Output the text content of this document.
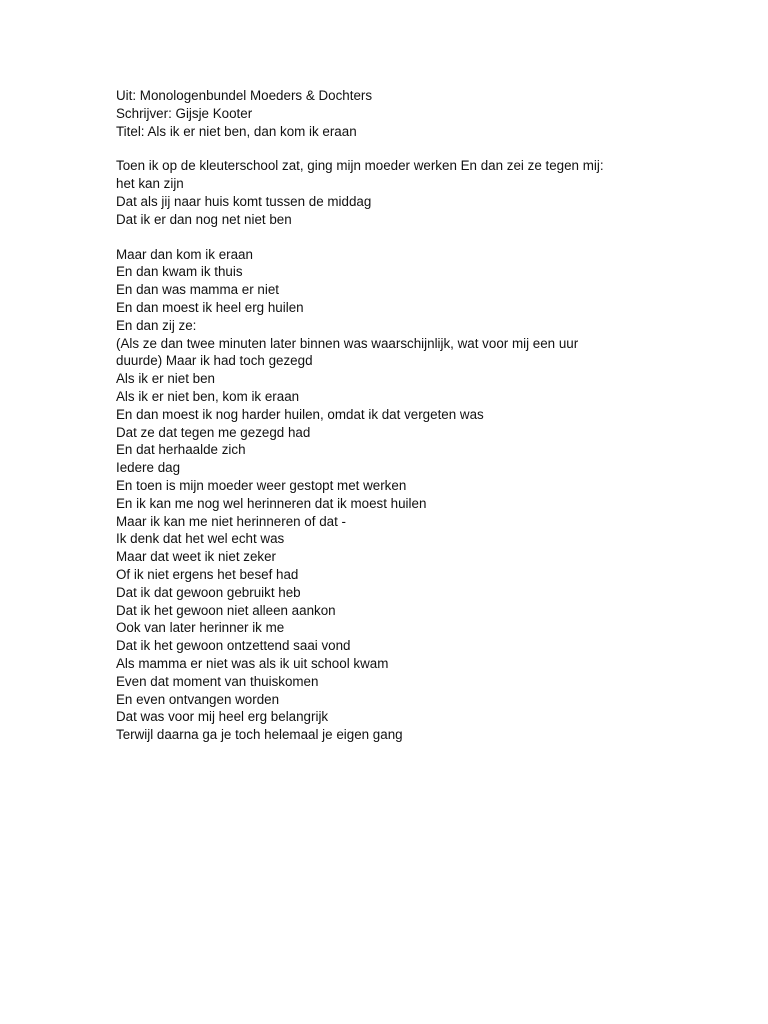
Uit: Monologenbundel Moeders & Dochters
Schrijver: Gijsje Kooter
Titel: Als ik er niet ben, dan kom ik eraan
Toen ik op de kleuterschool zat, ging mijn moeder werken En dan zei ze tegen mij:
het kan zijn
Dat als jij naar huis komt tussen de middag
Dat ik er dan nog net niet ben
Maar dan kom ik eraan
En dan kwam ik thuis
En dan was mamma er niet
En dan moest ik heel erg huilen
En dan zij ze:
(Als ze dan twee minuten later binnen was waarschijnlijk, wat voor mij een uur
duurde) Maar ik had toch gezegd
Als ik er niet ben
Als ik er niet ben, kom ik eraan
En dan moest ik nog harder huilen, omdat ik dat vergeten was
Dat ze dat tegen me gezegd had
En dat herhaalde zich
Iedere dag
En toen is mijn moeder weer gestopt met werken
En ik kan me nog wel herinneren dat ik moest huilen
Maar ik kan me niet herinneren of dat -
Ik denk dat het wel echt was
Maar dat weet ik niet zeker
Of ik niet ergens het besef had
Dat ik dat gewoon gebruikt heb
Dat ik het gewoon niet alleen aankon
Ook van later herinner ik me
Dat ik het gewoon ontzettend saai vond
Als mamma er niet was als ik uit school kwam
Even dat moment van thuiskomen
En even ontvangen worden
Dat was voor mij heel erg belangrijk
Terwijl daarna ga je toch helemaal je eigen gang
